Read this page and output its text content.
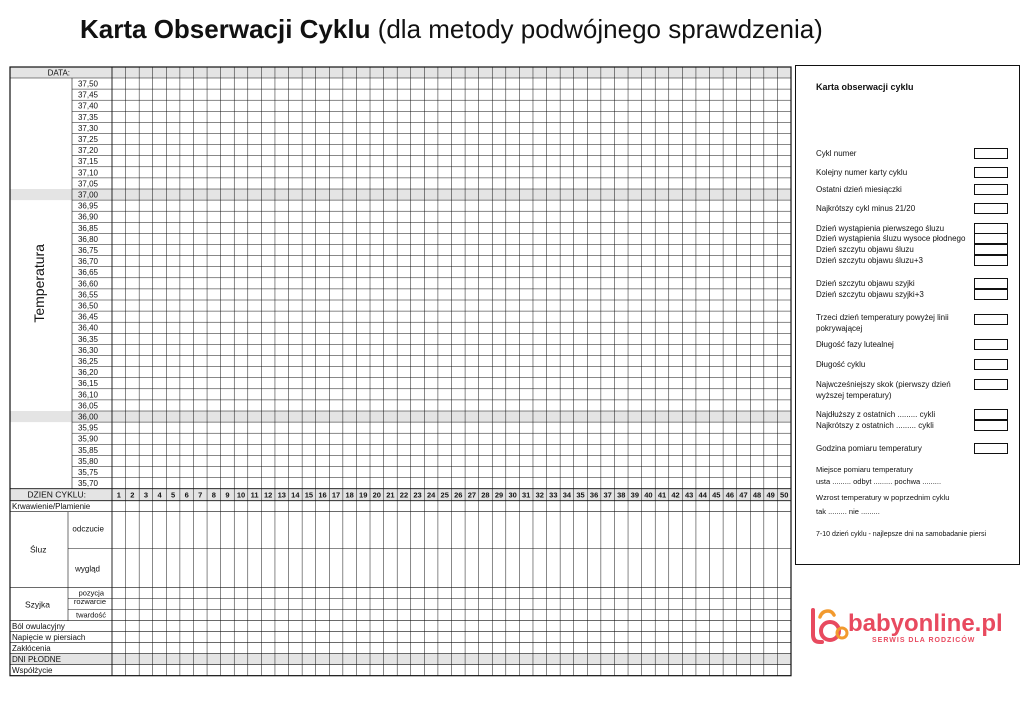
Karta Obserwacji Cyklu (dla metody podwójnego sprawdzenia)
37,50
37,45
37,40
37,35
37,30
37,25
37,20
37,15
37,10
37,05
37,00
36,95
36,90
36,85
36,80
36,75
36,70
36,65
36,60
36,55
36,50
36,45
36,40
36,35
36,30
36,25
36,20
36,15
36,10
36,05
36,00
35,95
35,90
35,85
35,80
35,75
35,70
DATA:
Temperatura
DZIEN CYKLU:	1 2 3 4 5 6 7 8 9 10 11 12 13 14 15 16 17 18 19 20 21 22 23 24 25 26 27 28 29 30 31 32 33 34 35 36 37 38 39 40 41 42 43 44 45 46 47 48 49 50
Krwawienie/Plamienie
Śluz
odczucie
wygląd
Szyjka
pozycja
rozwarcie
twardość
Ból owulacyjny
Napięcie w piersiach
Zakłócenia
DNI PŁODNE
Współżycie
Karta obserwacji cyklu
Cykl numer
Kolejny numer karty cyklu
Ostatni dzień miesiączki
Najkrótszy cykl minus 21/20
Dzień wystąpienia pierwszego śluzu
Dzień wystąpienia śluzu wysoce płodnego
Dzień szczytu objawu śluzu
Dzień szczytu objawu śluzu+3
Dzień szczytu objawu szyjki
Dzień szczytu objawu szyjki+3
Trzeci dzień temperatury powyżej linii pokrywającej
Długość fazy lutealnej
Długość cyklu
Najwcześniejszy skok (pierwszy dzień wyższej temperatury)
Najdłuższy z ostatnich ......... cykli
Najkrótszy z ostatnich ......... cykli
Godzina pomiaru temperatury
Miejsce pomiaru temperatury
usta ......... odbyt ......... pochwa .........
Wzrost temperatury w poprzednim cyklu
tak ......... nie .........
7-10 dzień cyklu - najlepsze dni na samobadanie piersi
babyonline.pl
SERWIS DLA RODZICÓW
